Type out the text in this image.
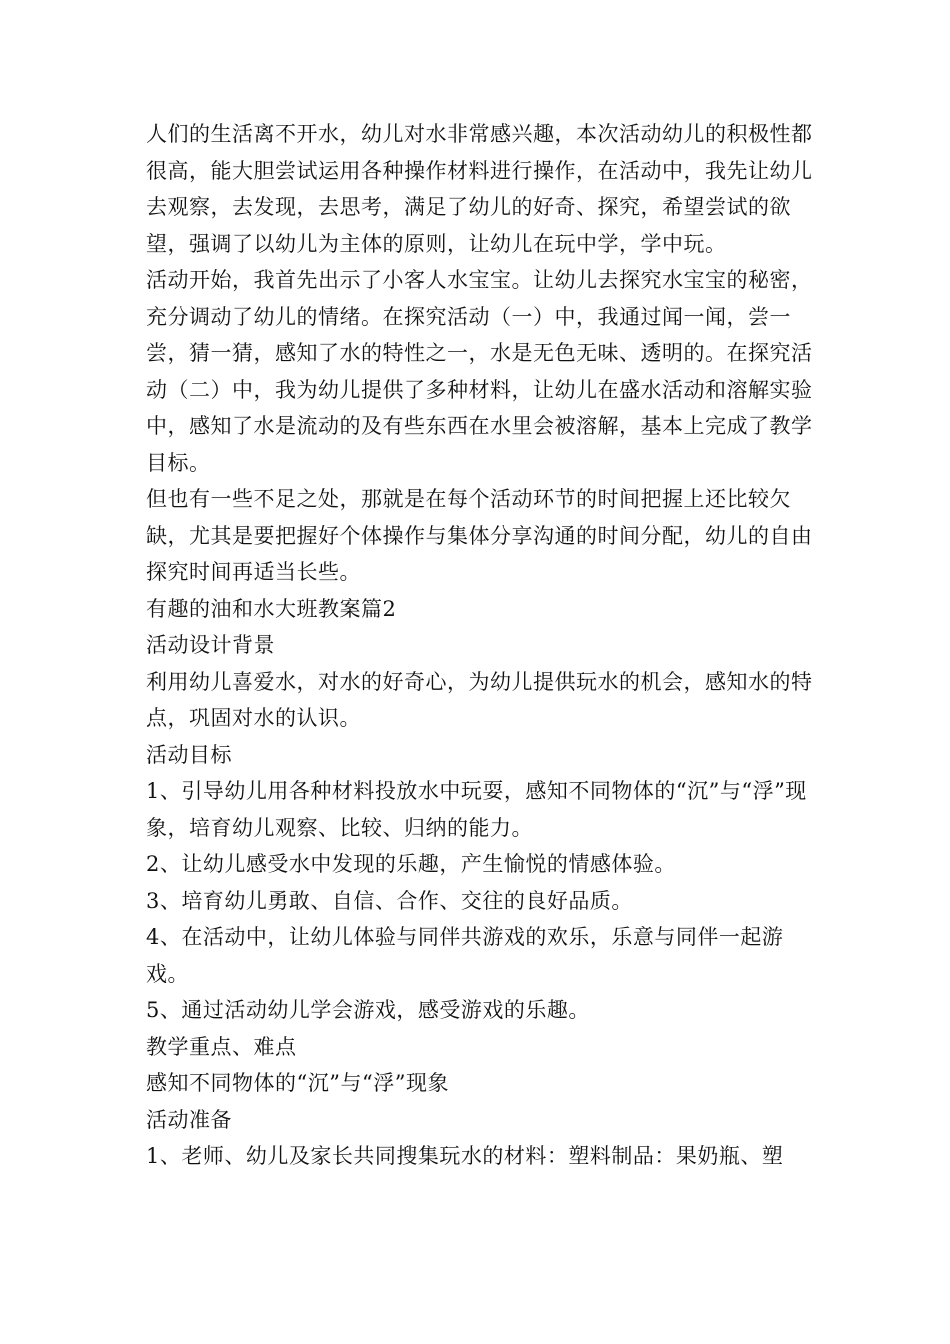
人们的生活离不开水，幼儿对水非常感兴趣，本次活动幼儿的积极性都很高，能大胆尝试运用各种操作材料进行操作，在活动中，我先让幼儿去观察，去发现，去思考，满足了幼儿的好奇、探究，希望尝试的欲望，强调了以幼儿为主体的原则，让幼儿在玩中学，学中玩。

活动开始，我首先出示了小客人水宝宝。让幼儿去探究水宝宝的秘密，充分调动了幼儿的情绪。在探究活动（一）中，我通过闻一闻，尝一尝，猜一猜，感知了水的特性之一，水是无色无味、透明的。在探究活动（二）中，我为幼儿提供了多种材料，让幼儿在盛水活动和溶解实验中，感知了水是流动的及有些东西在水里会被溶解，基本上完成了教学目标。

但也有一些不足之处，那就是在每个活动环节的时间把握上还比较欠缺，尤其是要把握好个体操作与集体分享沟通的时间分配，幼儿的自由探究时间再适当长些。

有趣的油和水大班教案篇2

活动设计背景

利用幼儿喜爱水，对水的好奇心，为幼儿提供玩水的机会，感知水的特点，巩固对水的认识。

活动目标

1、引导幼儿用各种材料投放水中玩耍，感知不同物体的“沉”与“浮”现象，培育幼儿观察、比较、归纳的能力。

2、让幼儿感受水中发现的乐趣，产生愉悦的情感体验。

3、培育幼儿勇敢、自信、合作、交往的良好品质。

4、在活动中，让幼儿体验与同伴共游戏的欢乐，乐意与同伴一起游戏。

5、通过活动幼儿学会游戏，感受游戏的乐趣。

教学重点、难点

感知不同物体的“沉”与“浮”现象

活动准备

1、老师、幼儿及家长共同搜集玩水的材料：塑料制品：果奶瓶、塑
